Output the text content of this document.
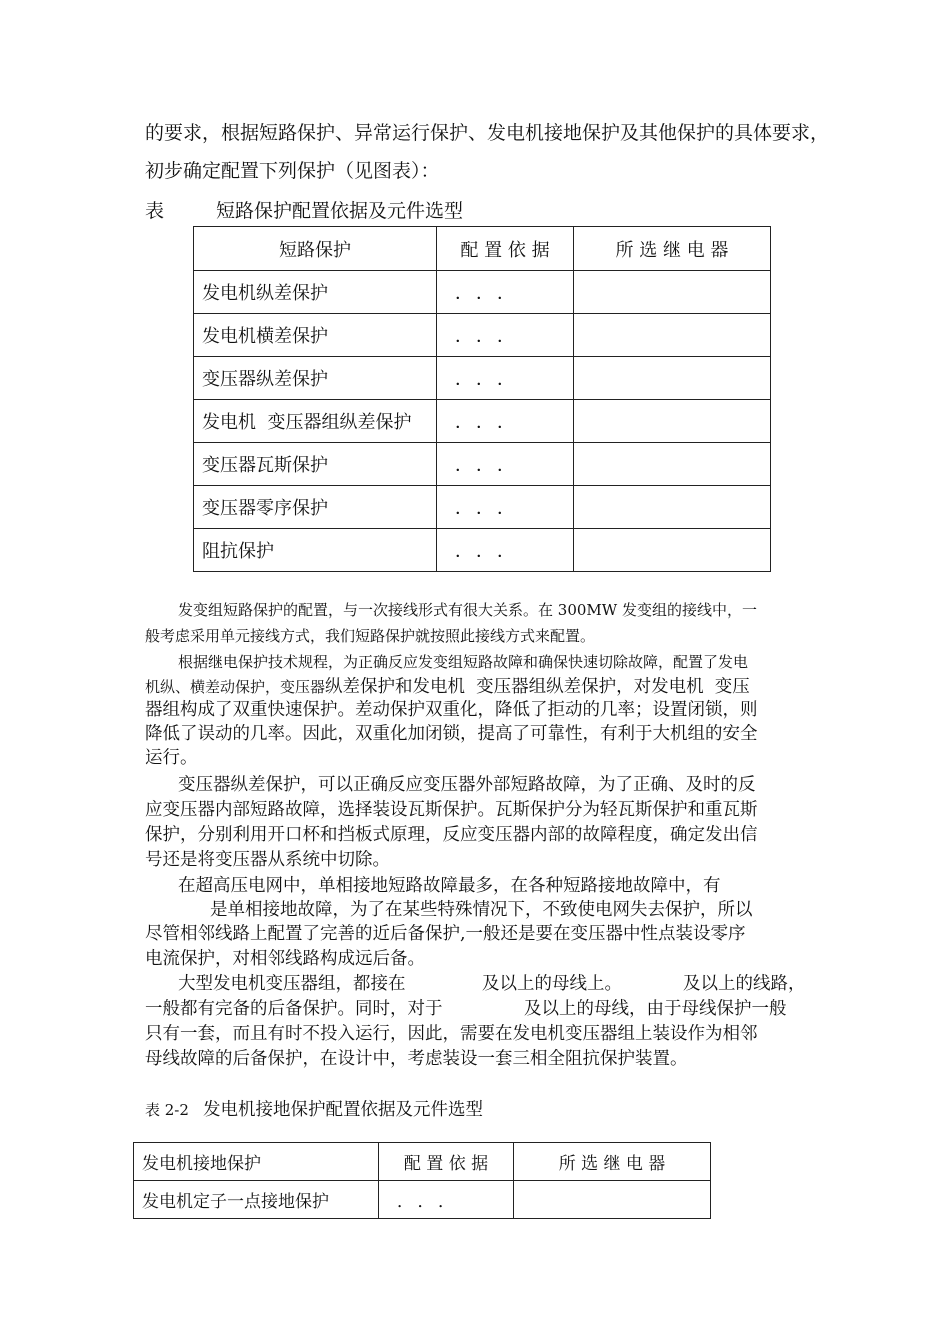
的要求，根据短路保护、异常运行保护、发电机接地保护及其他保护的具体要求，
初步确定配置下列保护（见图表）：
表	短路保护配置依据及元件选型
短路保护	配 置 依 据	所 选 继 电 器
发电机纵差保护	．．．	
发电机横差保护	．．．	
变压器纵差保护	．．．	
发电机  变压器组纵差保护	．．．	
变压器瓦斯保护	．．．	
变压器零序保护	．．．	
阻抗保护	．．．	
发变组短路保护的配置，与一次接线形式有很大关系。在 300MW 发变组的接线中，一
般考虑采用单元接线方式，我们短路保护就按照此接线方式来配置。
根据继电保护技术规程，为正确反应发变组短路故障和确保快速切除故障，配置了发电
机纵、横差动保护，变压器纵差保护和发电机  变压器组纵差保护，对发电机  变压
器组构成了双重快速保护。差动保护双重化，降低了拒动的几率；设置闭锁，则
降低了误动的几率。因此，双重化加闭锁，提高了可靠性，有利于大机组的安全
运行。
变压器纵差保护，可以正确反应变压器外部短路故障，为了正确、及时的反
应变压器内部短路故障，选择装设瓦斯保护。瓦斯保护分为轻瓦斯保护和重瓦斯
保护，分别利用开口杯和挡板式原理，反应变压器内部的故障程度，确定发出信
号还是将变压器从系统中切除。
在超高压电网中，单相接地短路故障最多，在各种短路接地故障中，有
是单相接地故障，为了在某些特殊情况下，不致使电网失去保护，所以
尽管相邻线路上配置了完善的近后备保护,一般还是要在变压器中性点装设零序
电流保护，对相邻线路构成远后备。
大型发电机变压器组，都接在	及以上的母线上。	及以上的线路，
一般都有完备的后备保护。同时，对于	及以上的母线，由于母线保护一般
只有一套，而且有时不投入运行，因此，需要在发电机变压器组上装设作为相邻
母线故障的后备保护，在设计中，考虑装设一套三相全阻抗保护装置。
表 2-2 发电机接地保护配置依据及元件选型
发电机接地保护	配 置 依 据	所 选 继 电 器
发电机定子一点接地保护	．．．	
